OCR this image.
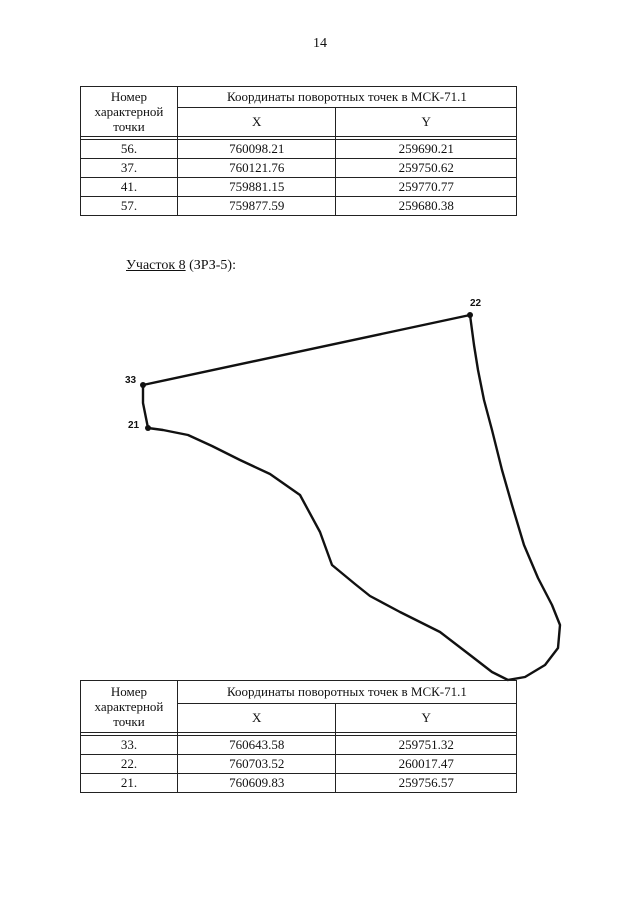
14
Номер
характерной
точки	Координаты поворотных точек в МСК-71.1	
	X	Y

56.	760098.21	259690.21
37.	760121.76	259750.62
41.	759881.15	259770.77
57.	759877.59	259680.38
Участок 8 (ЗРЗ-5):
22
33
21
Номер
характерной
точки	Координаты поворотных точек в МСК-71.1	
	X	Y

33.	760643.58	259751.32
22.	760703.52	260017.47
21.	760609.83	259756.57
